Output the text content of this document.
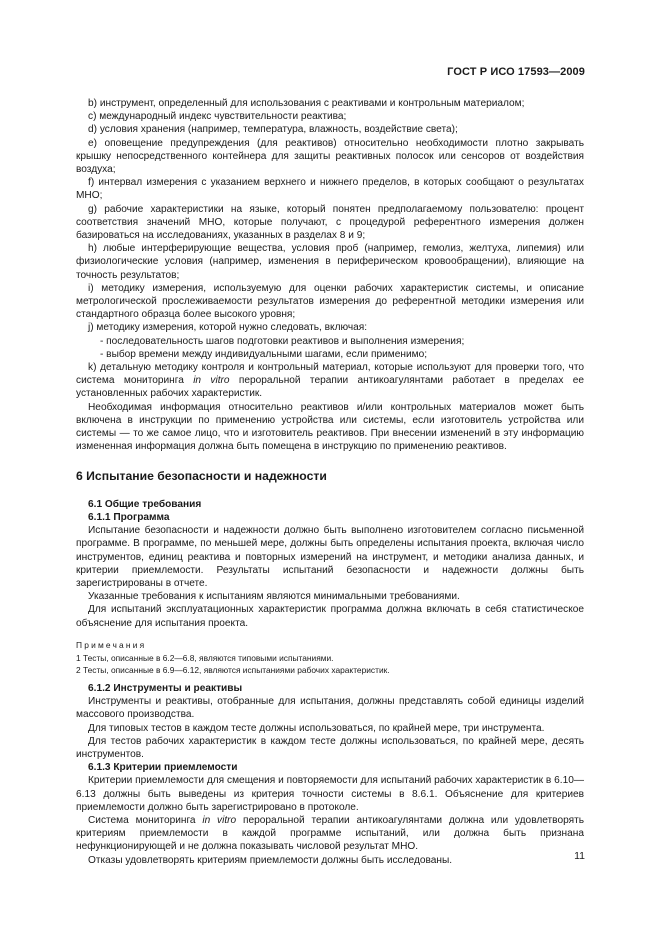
ГОСТ Р ИСО 17593—2009

b) инструмент, определенный для использования с реактивами и контрольным материалом;

c) международный индекс чувствительности реактива;

d) условия хранения (например, температура, влажность, воздействие света);

e) оповещение предупреждения (для реактивов) относительно необходимости плотно закрывать крышку непосредственного контейнера для защиты реактивных полосок или сенсоров от воздействия воздуха;

f) интервал измерения с указанием верхнего и нижнего пределов, в которых сообщают о результатах МНО;

g) рабочие характеристики на языке, который понятен предполагаемому пользователю: процент соответствия значений МНО, которые получают, с процедурой референтного измерения должен базироваться на исследованиях, указанных в разделах 8 и 9;

h) любые интерферирующие вещества, условия проб (например, гемолиз, желтуха, липемия) или физиологические условия (например, изменения в периферическом кровообращении), влияющие на точность результатов;

i) методику измерения, используемую для оценки рабочих характеристик системы, и описание метрологической прослеживаемости результатов измерения до референтной методики измерения или стандартного образца более высокого уровня;

j) методику измерения, которой нужно следовать, включая:

- последовательность шагов подготовки реактивов и выполнения измерения;

- выбор времени между индивидуальными шагами, если применимо;

k) детальную методику контроля и контрольный материал, которые используют для проверки того, что система мониторинга in vitro пероральной терапии антикоагулянтами работает в пределах ее установленных рабочих характеристик.

Необходимая информация относительно реактивов и/или контрольных материалов может быть включена в инструкции по применению устройства или системы, если изготовитель устройства или системы — то же самое лицо, что и изготовитель реактивов. При внесении изменений в эту информацию измененная информация должна быть помещена в инструкцию по применению реактивов.

6 Испытание безопасности и надежности
6.1 Общие требования
6.1.1 Программа

Испытание безопасности и надежности должно быть выполнено изготовителем согласно письменной программе. В программе, по меньшей мере, должны быть определены испытания проекта, включая число инструментов, единиц реактива и повторных измерений на инструмент, и методики анализа данных, и критерии приемлемости. Результаты испытаний безопасности и надежности должны быть зарегистрированы в отчете.

Указанные требования к испытаниям являются минимальными требованиями.

Для испытаний эксплуатационных характеристик программа должна включать в себя статистическое объяснение для испытания проекта.

Примечания

1 Тесты, описанные в 6.2—6.8, являются типовыми испытаниями.

2 Тесты, описанные в 6.9—6.12, являются испытаниями рабочих характеристик.

6.1.2 Инструменты и реактивы

Инструменты и реактивы, отобранные для испытания, должны представлять собой единицы изделий массового производства.

Для типовых тестов в каждом тесте должны использоваться, по крайней мере, три инструмента.

Для тестов рабочих характеристик в каждом тесте должны использоваться, по крайней мере, десять инструментов.

6.1.3 Критерии приемлемости

Критерии приемлемости для смещения и повторяемости для испытаний рабочих характеристик в 6.10—6.13 должны быть выведены из критерия точности системы в 8.6.1. Объяснение для критериев приемлемости должно быть зарегистрировано в протоколе.

Система мониторинга in vitro пероральной терапии антикоагулянтами должна или удовлетворять критериям приемлемости в каждой программе испытаний, или должна быть признана нефункционирующей и не должна показывать числовой результат МНО.

Отказы удовлетворять критериям приемлемости должны быть исследованы.	11
